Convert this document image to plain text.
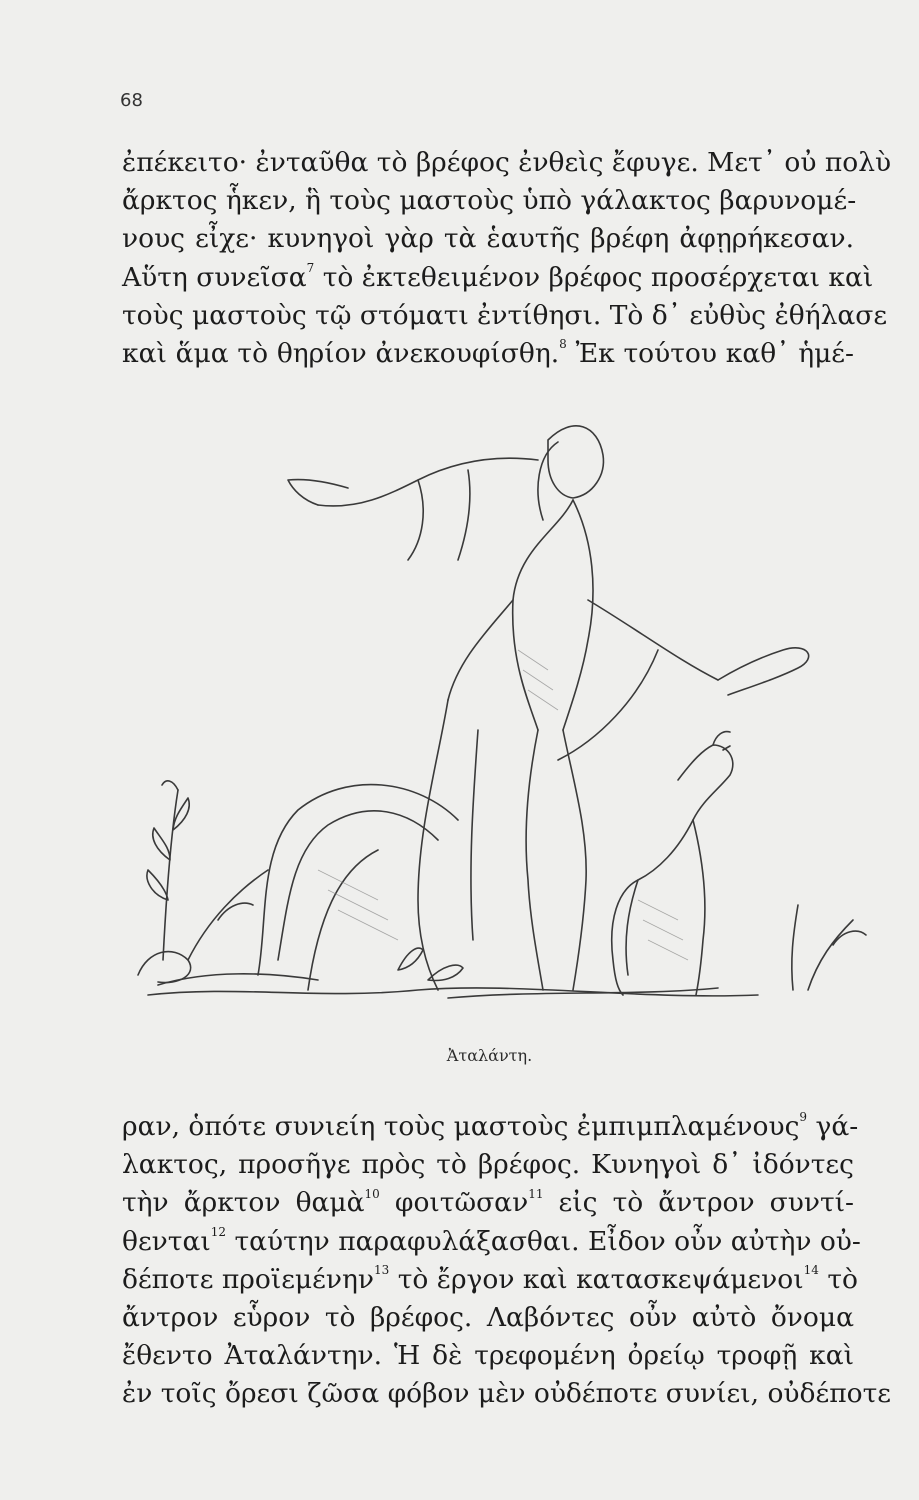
68
ἐπέκειτο· ἐνταῦθα τὸ βρέφος ἐνθεὶς ἔφυγε. Μετ᾽ οὐ πολὺ
ἄρκτος ἧκεν, ἣ τοὺς μαστοὺς ὑπὸ γάλακτος βαρυνομέ-
νους εἶχε· κυνηγοὶ γὰρ τὰ ἑαυτῆς βρέφη ἀφῃρήκεσαν.
Αὕτη συνεῖσα$^7$ τὸ ἐκτεθειμένον βρέφος προσέρχεται καὶ
τοὺς μαστοὺς τῷ στόματι ἐντίθησι. Τὸ δ᾽ εὐθὺς ἐθήλασε
καὶ ἅμα τὸ θηρίον ἀνεκουφίσθη.$^8$ Ἐκ τούτου καθ᾽ ἡμέ-
Ἀταλάντη.
ραν, ὁπότε συνιείη τοὺς μαστοὺς ἐμπιμπλαμένους$^9$ γά-
λακτος, προσῆγε πρὸς τὸ βρέφος. Κυνηγοὶ δ᾽ ἰδόντες
τὴν ἄρκτον θαμὰ$^{10}$ φοιτῶσαν$^{11}$ εἰς τὸ ἄντρον συντί-
θενται$^{12}$ ταύτην παραφυλάξασθαι. Εἶδον οὖν αὐτὴν οὐ-
δέποτε προϊεμένην$^{13}$ τὸ ἔργον καὶ κατασκεψάμενοι$^{14}$ τὸ
ἄντρον εὗρον τὸ βρέφος. Λαβόντες οὖν αὐτὸ ὄνομα
ἔθεντο Ἀταλάντην. Ἡ δὲ τρεφομένη ὀρείῳ τροφῇ καὶ
ἐν τοῖς ὄρεσι ζῶσα φόβον μὲν οὐδέποτε συνίει, οὐδέποτε
